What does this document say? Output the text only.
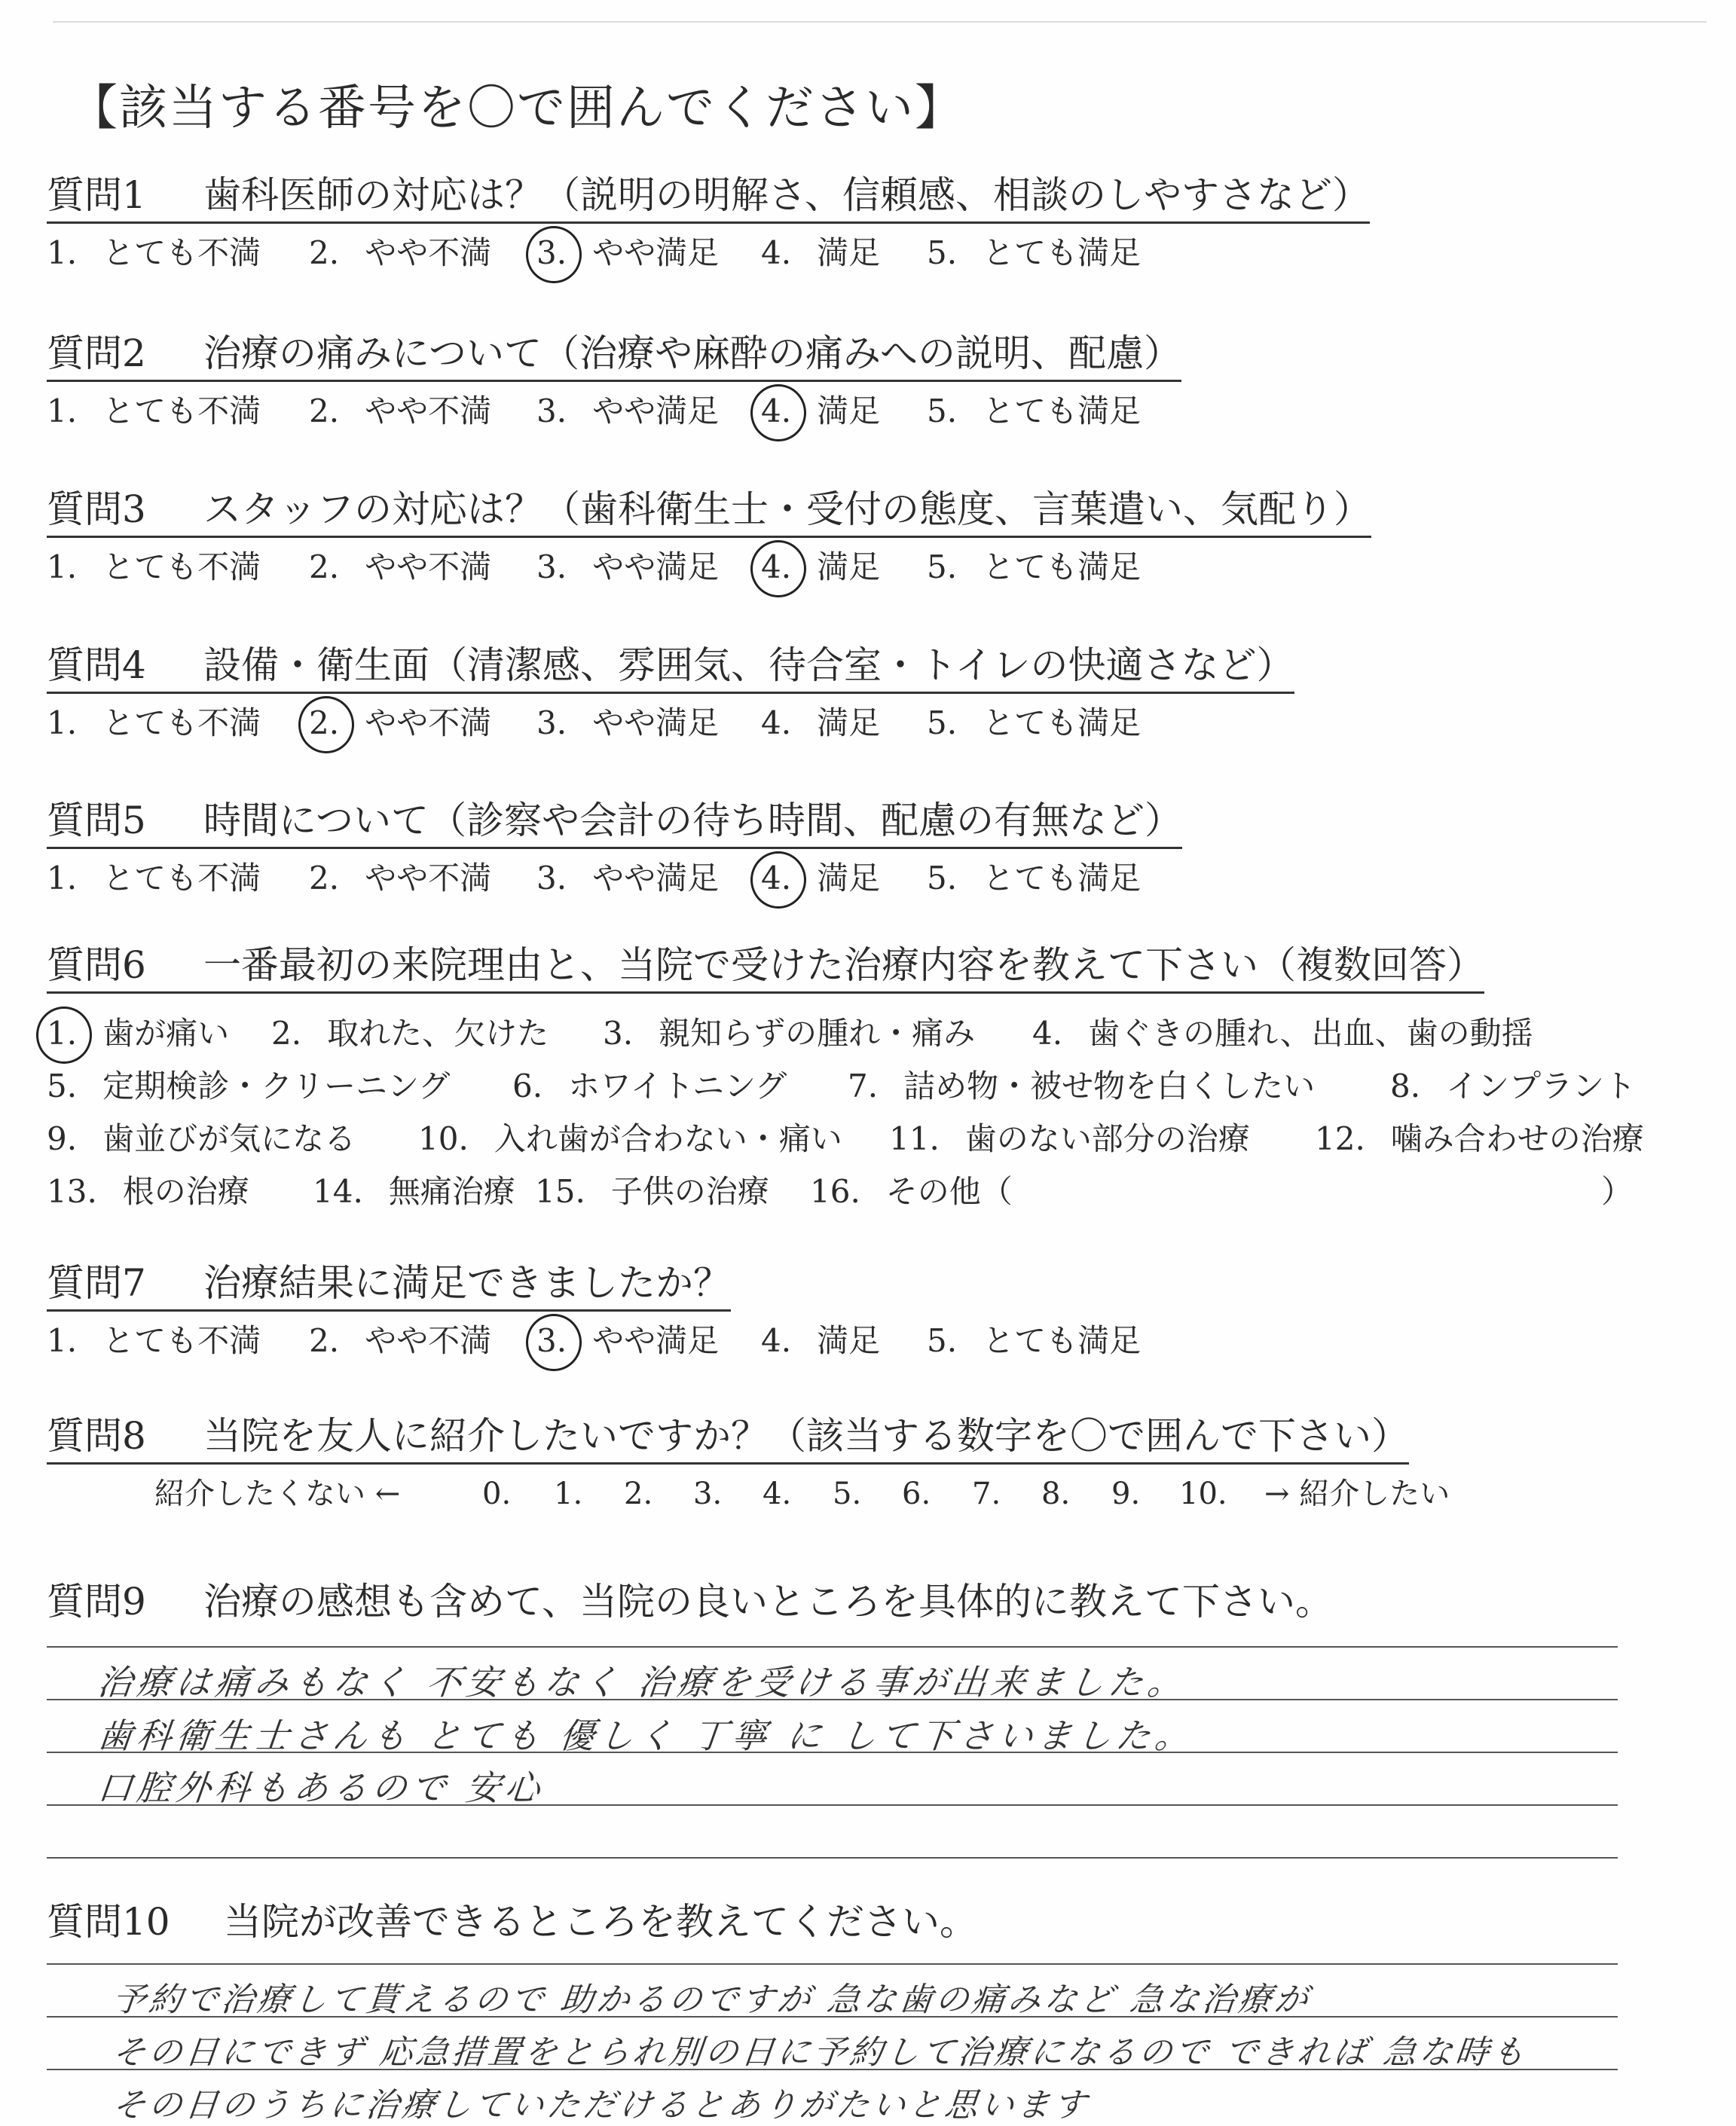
【該当する番号を〇で囲んでください】
質問1 歯科医師の対応は？（説明の明解さ、信頼感、相談のしやすさなど）
1. とても不満 2. やや不満 3. やや満足 4. 満足 5. とても満足
質問2 治療の痛みについて（治療や麻酔の痛みへの説明、配慮）
1. とても不満 2. やや不満 3. やや満足 4. 満足 5. とても満足
質問3 スタッフの対応は？（歯科衛生士・受付の態度、言葉遣い、気配り）
1. とても不満 2. やや不満 3. やや満足 4. 満足 5. とても満足
質問4 設備・衛生面（清潔感、雰囲気、待合室・トイレの快適さなど）
1. とても不満 2. やや不満 3. やや満足 4. 満足 5. とても満足
質問5 時間について（診察や会計の待ち時間、配慮の有無など）
1. とても不満 2. やや不満 3. やや満足 4. 満足 5. とても満足
質問6 一番最初の来院理由と、当院で受けた治療内容を教えて下さい（複数回答）
1. 歯が痛い 2. 取れた、欠けた 3. 親知らずの腫れ・痛み 4. 歯ぐきの腫れ、出血、歯の動揺
5. 定期検診・クリーニング 6. ホワイトニング 7. 詰め物・被せ物を白くしたい 8. インプラント
9. 歯並びが気になる 10. 入れ歯が合わない・痛い 11. 歯のない部分の治療 12. 噛み合わせの治療
13. 根の治療 14. 無痛治療 15. 子供の治療 16. その他（	）
質問7 治療結果に満足できましたか？
1. とても不満 2. やや不満 3. やや満足 4. 満足 5. とても満足
質問8 当院を友人に紹介したいですか？（該当する数字を〇で囲んで下さい）
紹介したくない ←	0. 1. 2. 3. 4. 5. 6. 7. 8. 9. 10. → 紹介したい
質問9 治療の感想も含めて、当院の良いところを具体的に教えて下さい。
治療は痛みもなく 不安もなく 治療を受ける事が出来ました。
歯科衛生士さんも とても 優しく 丁寧 に して下さいました。
口腔外科もあるので 安心
質問10 当院が改善できるところを教えてください。
予約で治療して貰えるので 助かるのですが 急な歯の痛みなど 急な治療が
その日にできず 応急措置をとられ別の日に予約して治療になるので できれば 急な時も
その日のうちに治療していただけるとありがたいと思います
